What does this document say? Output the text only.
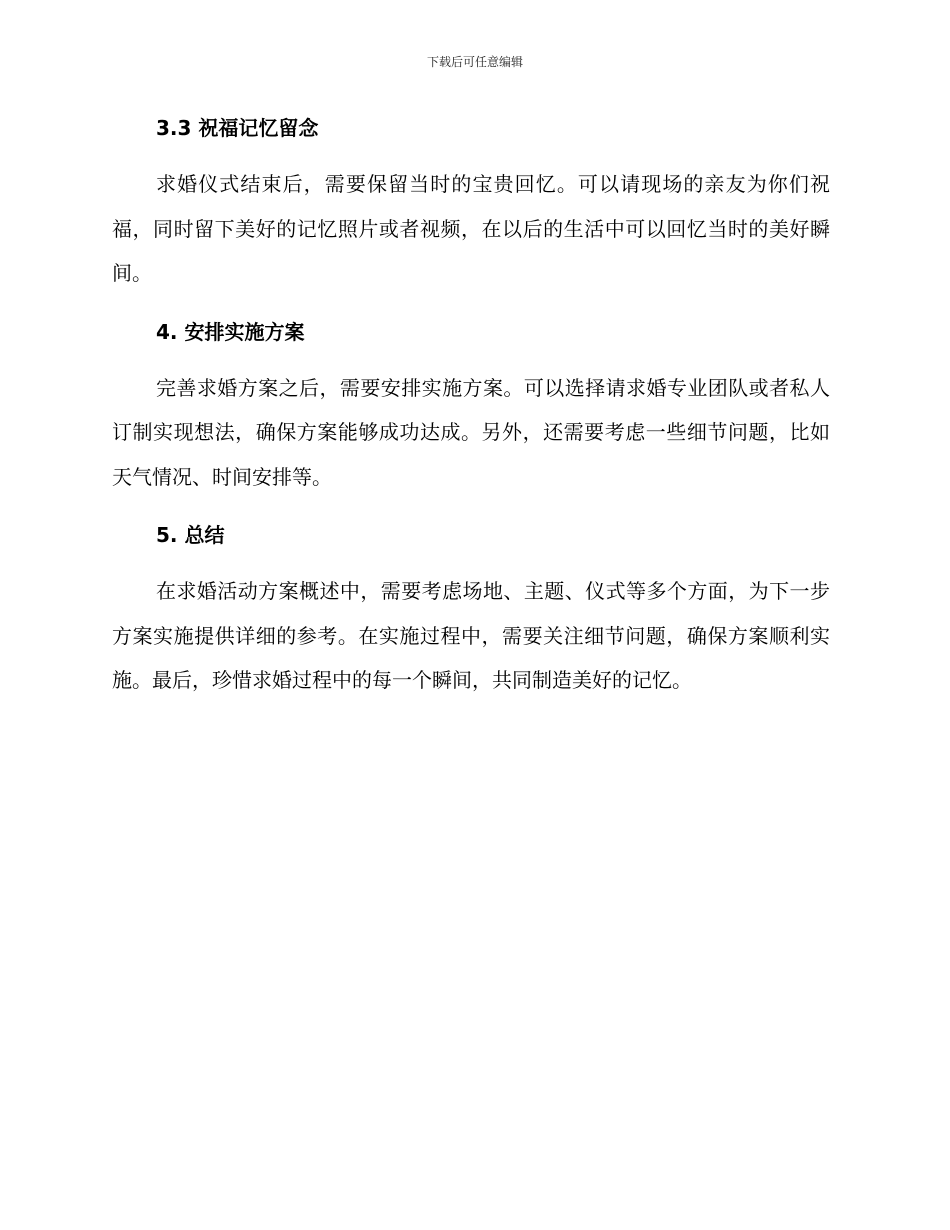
下载后可任意编辑
3.3 祝福记忆留念

求婚仪式结束后，需要保留当时的宝贵回忆。可以请现场的亲友为你们祝福，同时留下美好的记忆照片或者视频，在以后的生活中可以回忆当时的美好瞬间。

4. 安排实施方案

完善求婚方案之后，需要安排实施方案。可以选择请求婚专业团队或者私人订制实现想法，确保方案能够成功达成。另外，还需要考虑一些细节问题，比如天气情况、时间安排等。

5. 总结

在求婚活动方案概述中，需要考虑场地、主题、仪式等多个方面，为下一步方案实施提供详细的参考。在实施过程中，需要关注细节问题，确保方案顺利实施。最后，珍惜求婚过程中的每一个瞬间，共同制造美好的记忆。
